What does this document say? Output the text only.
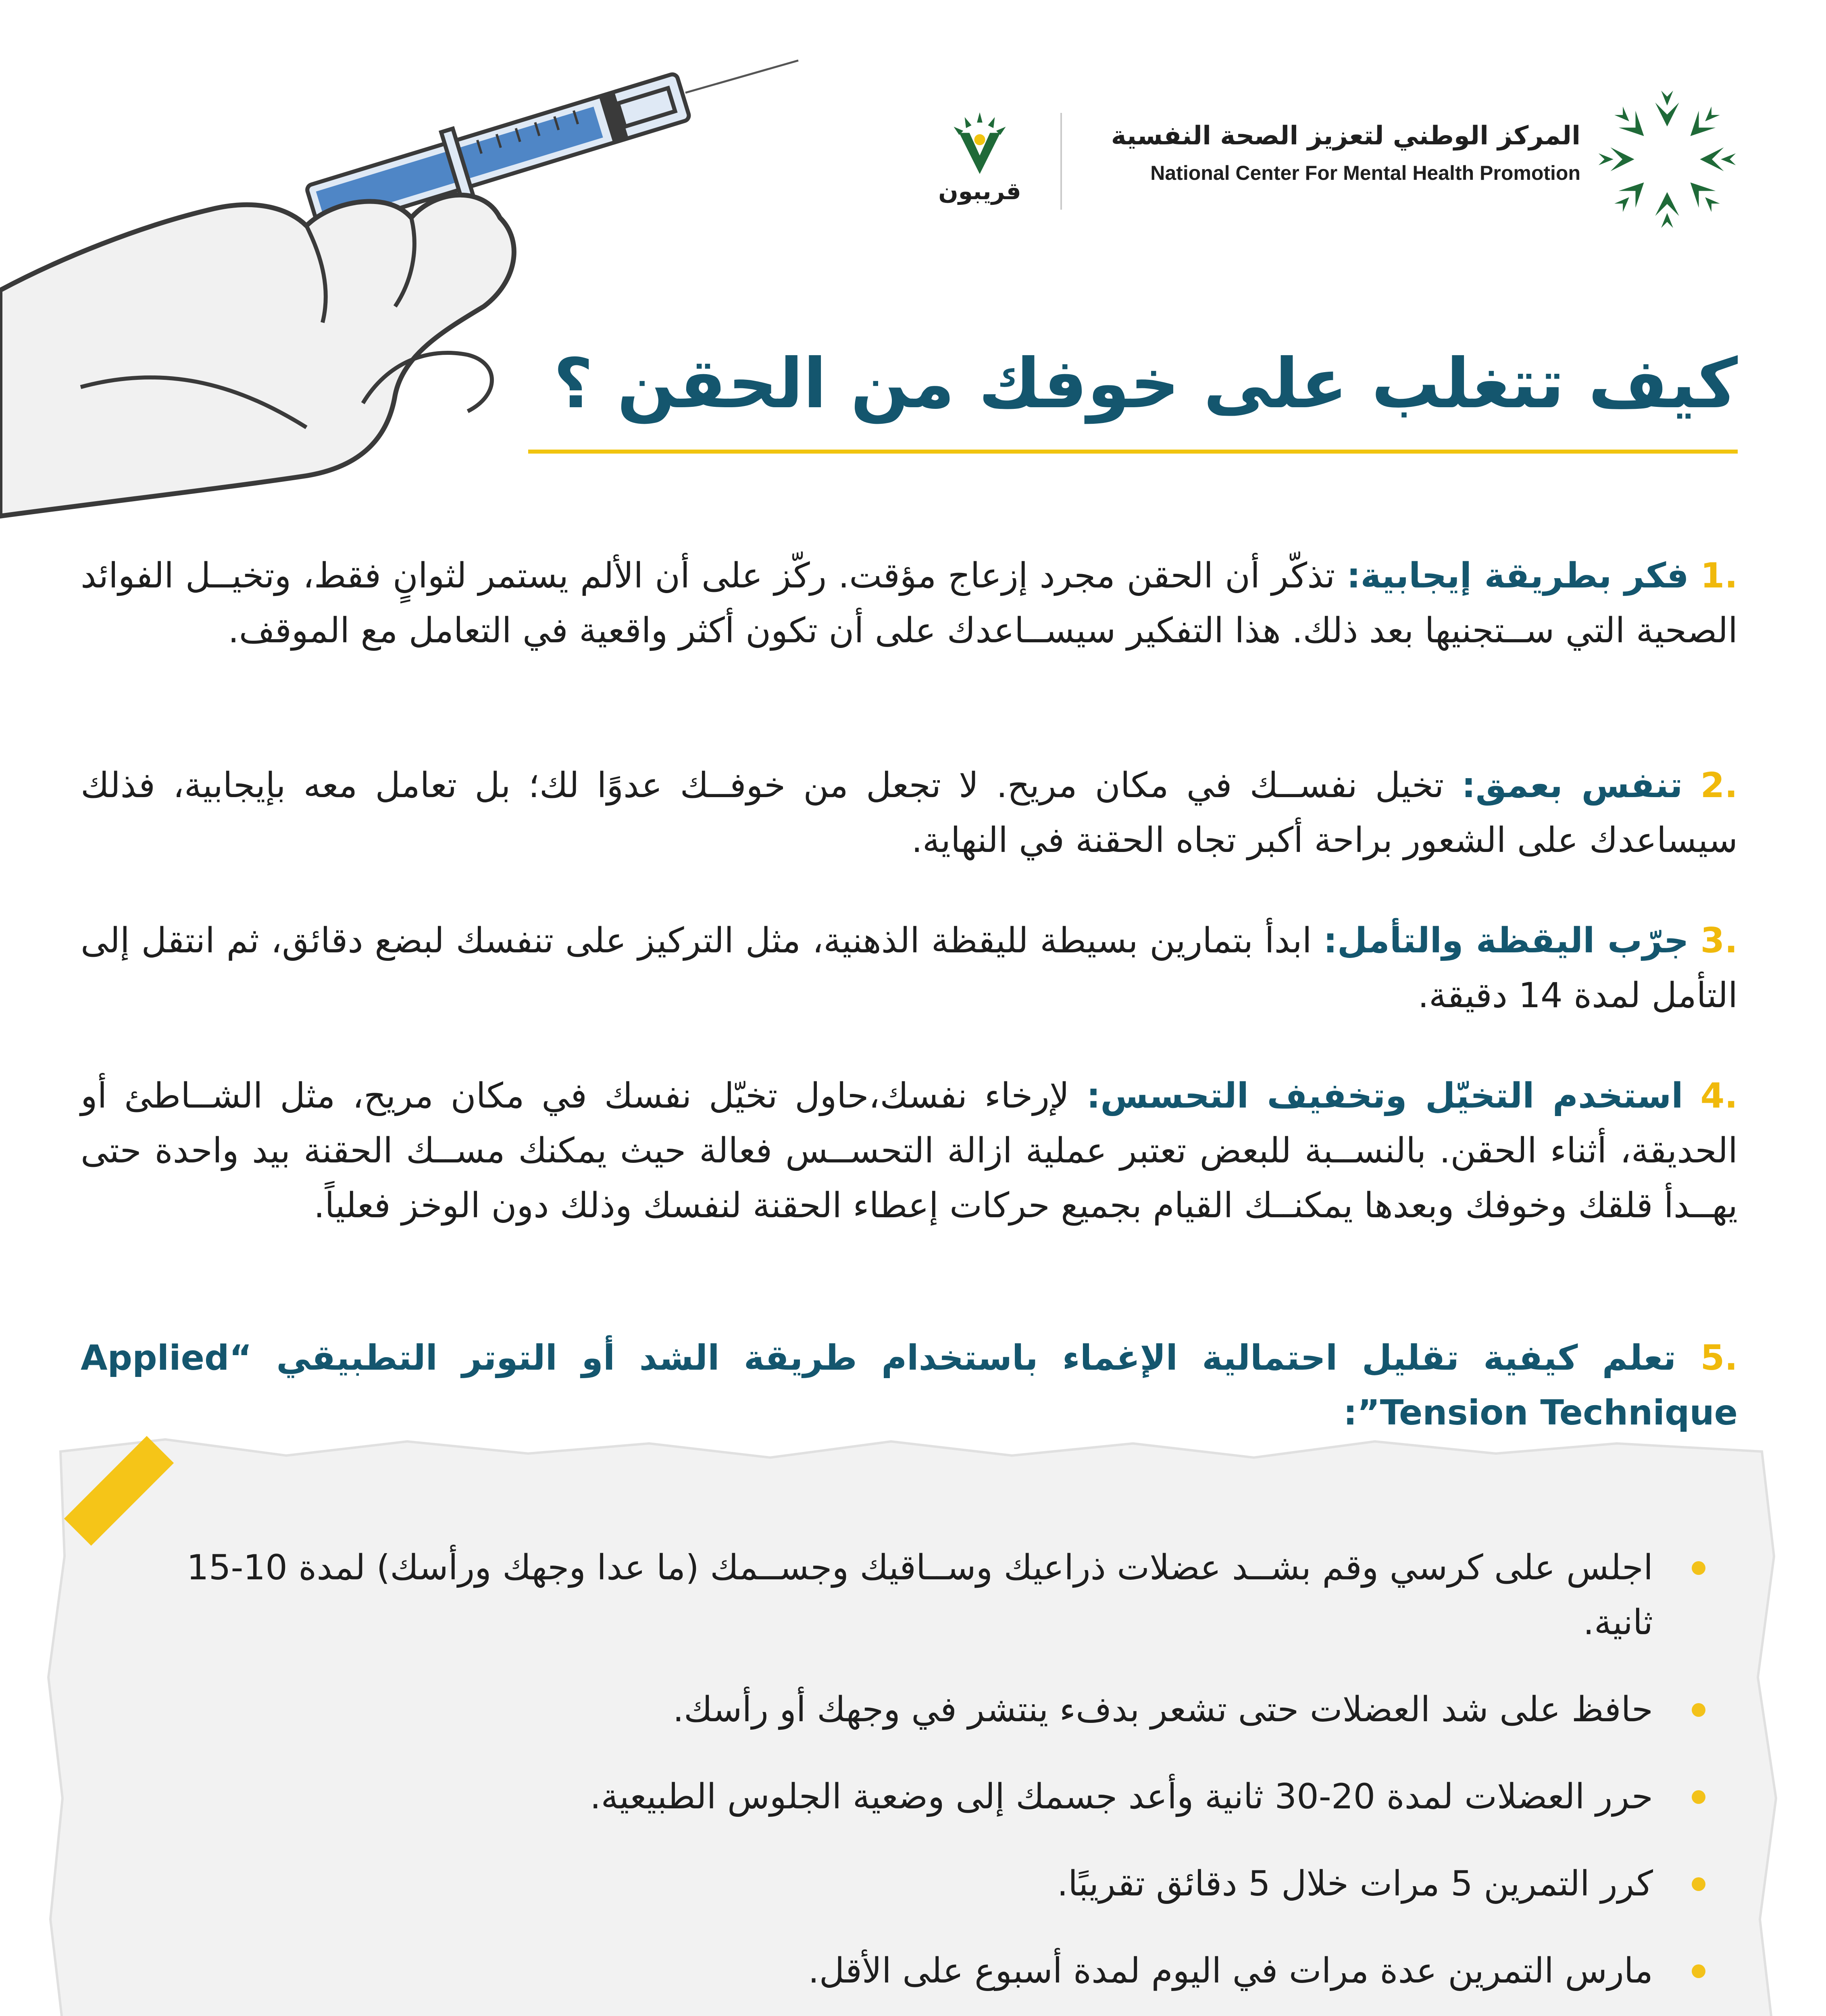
المركز الوطني لتعزيز الصحة النفسية
National Center For Mental Health Promotion
قريبون
كيف تتغلب على خوفك من الحقن ؟
.1 فكر بطريقة إيجابية: تذكّر أن الحقن مجرد إزعاج مؤقت. ركّز على أن الألم يستمر لثوانٍ فقط، وتخيــل الفوائد الصحية التي ســتجنيها بعد ذلك. هذا التفكير سيســاعدك على أن تكون أكثر واقعية في التعامل مع الموقف.
.2 تنفس بعمق: تخيل نفســك في مكان مريح. لا تجعل من خوفــك عدوًا لك؛ بل تعامل معه بإيجابية، فذلك سيساعدك على الشعور براحة أكبر تجاه الحقنة في النهاية.
.3 جرّب اليقظة والتأمل: ابدأ بتمارين بسيطة لليقظة الذهنية، مثل التركيز على تنفسك لبضع دقائق، ثم انتقل إلى التأمل لمدة 14 دقيقة.
.4 استخدم التخيّل وتخفيف التحسس: لإرخاء نفسك،حاول تخيّل نفسك في مكان مريح، مثل الشــاطئ أو الحديقة، أثناء الحقن. بالنســبة للبعض تعتبر عملية ازالة التحســس فعالة حيث يمكنك مســك الحقنة بيد واحدة حتى يهــدأ قلقك وخوفك وبعدها يمكنــك القيام بجميع حركات إعطاء الحقنة لنفسك وذلك دون الوخز فعلياً.
.5 تعلم كيفية تقليل احتمالية الإغماء باستخدام طريقة الشد أو التوتر التطبيقي “Applied Tension Technique”:
اجلس على كرسي وقم بشــد عضلات ذراعيك وســاقيك وجســمك (ما عدا وجهك ورأسك) لمدة 10-15 ثانية.
حافظ على شد العضلات حتى تشعر بدفء ينتشر في وجهك أو رأسك.
حرر العضلات لمدة 20-30 ثانية وأعد جسمك إلى وضعية الجلوس الطبيعية.
كرر التمرين 5 مرات خلال 5 دقائق تقريبًا.
مارس التمرين عدة مرات في اليوم لمدة أسبوع على الأقل.
